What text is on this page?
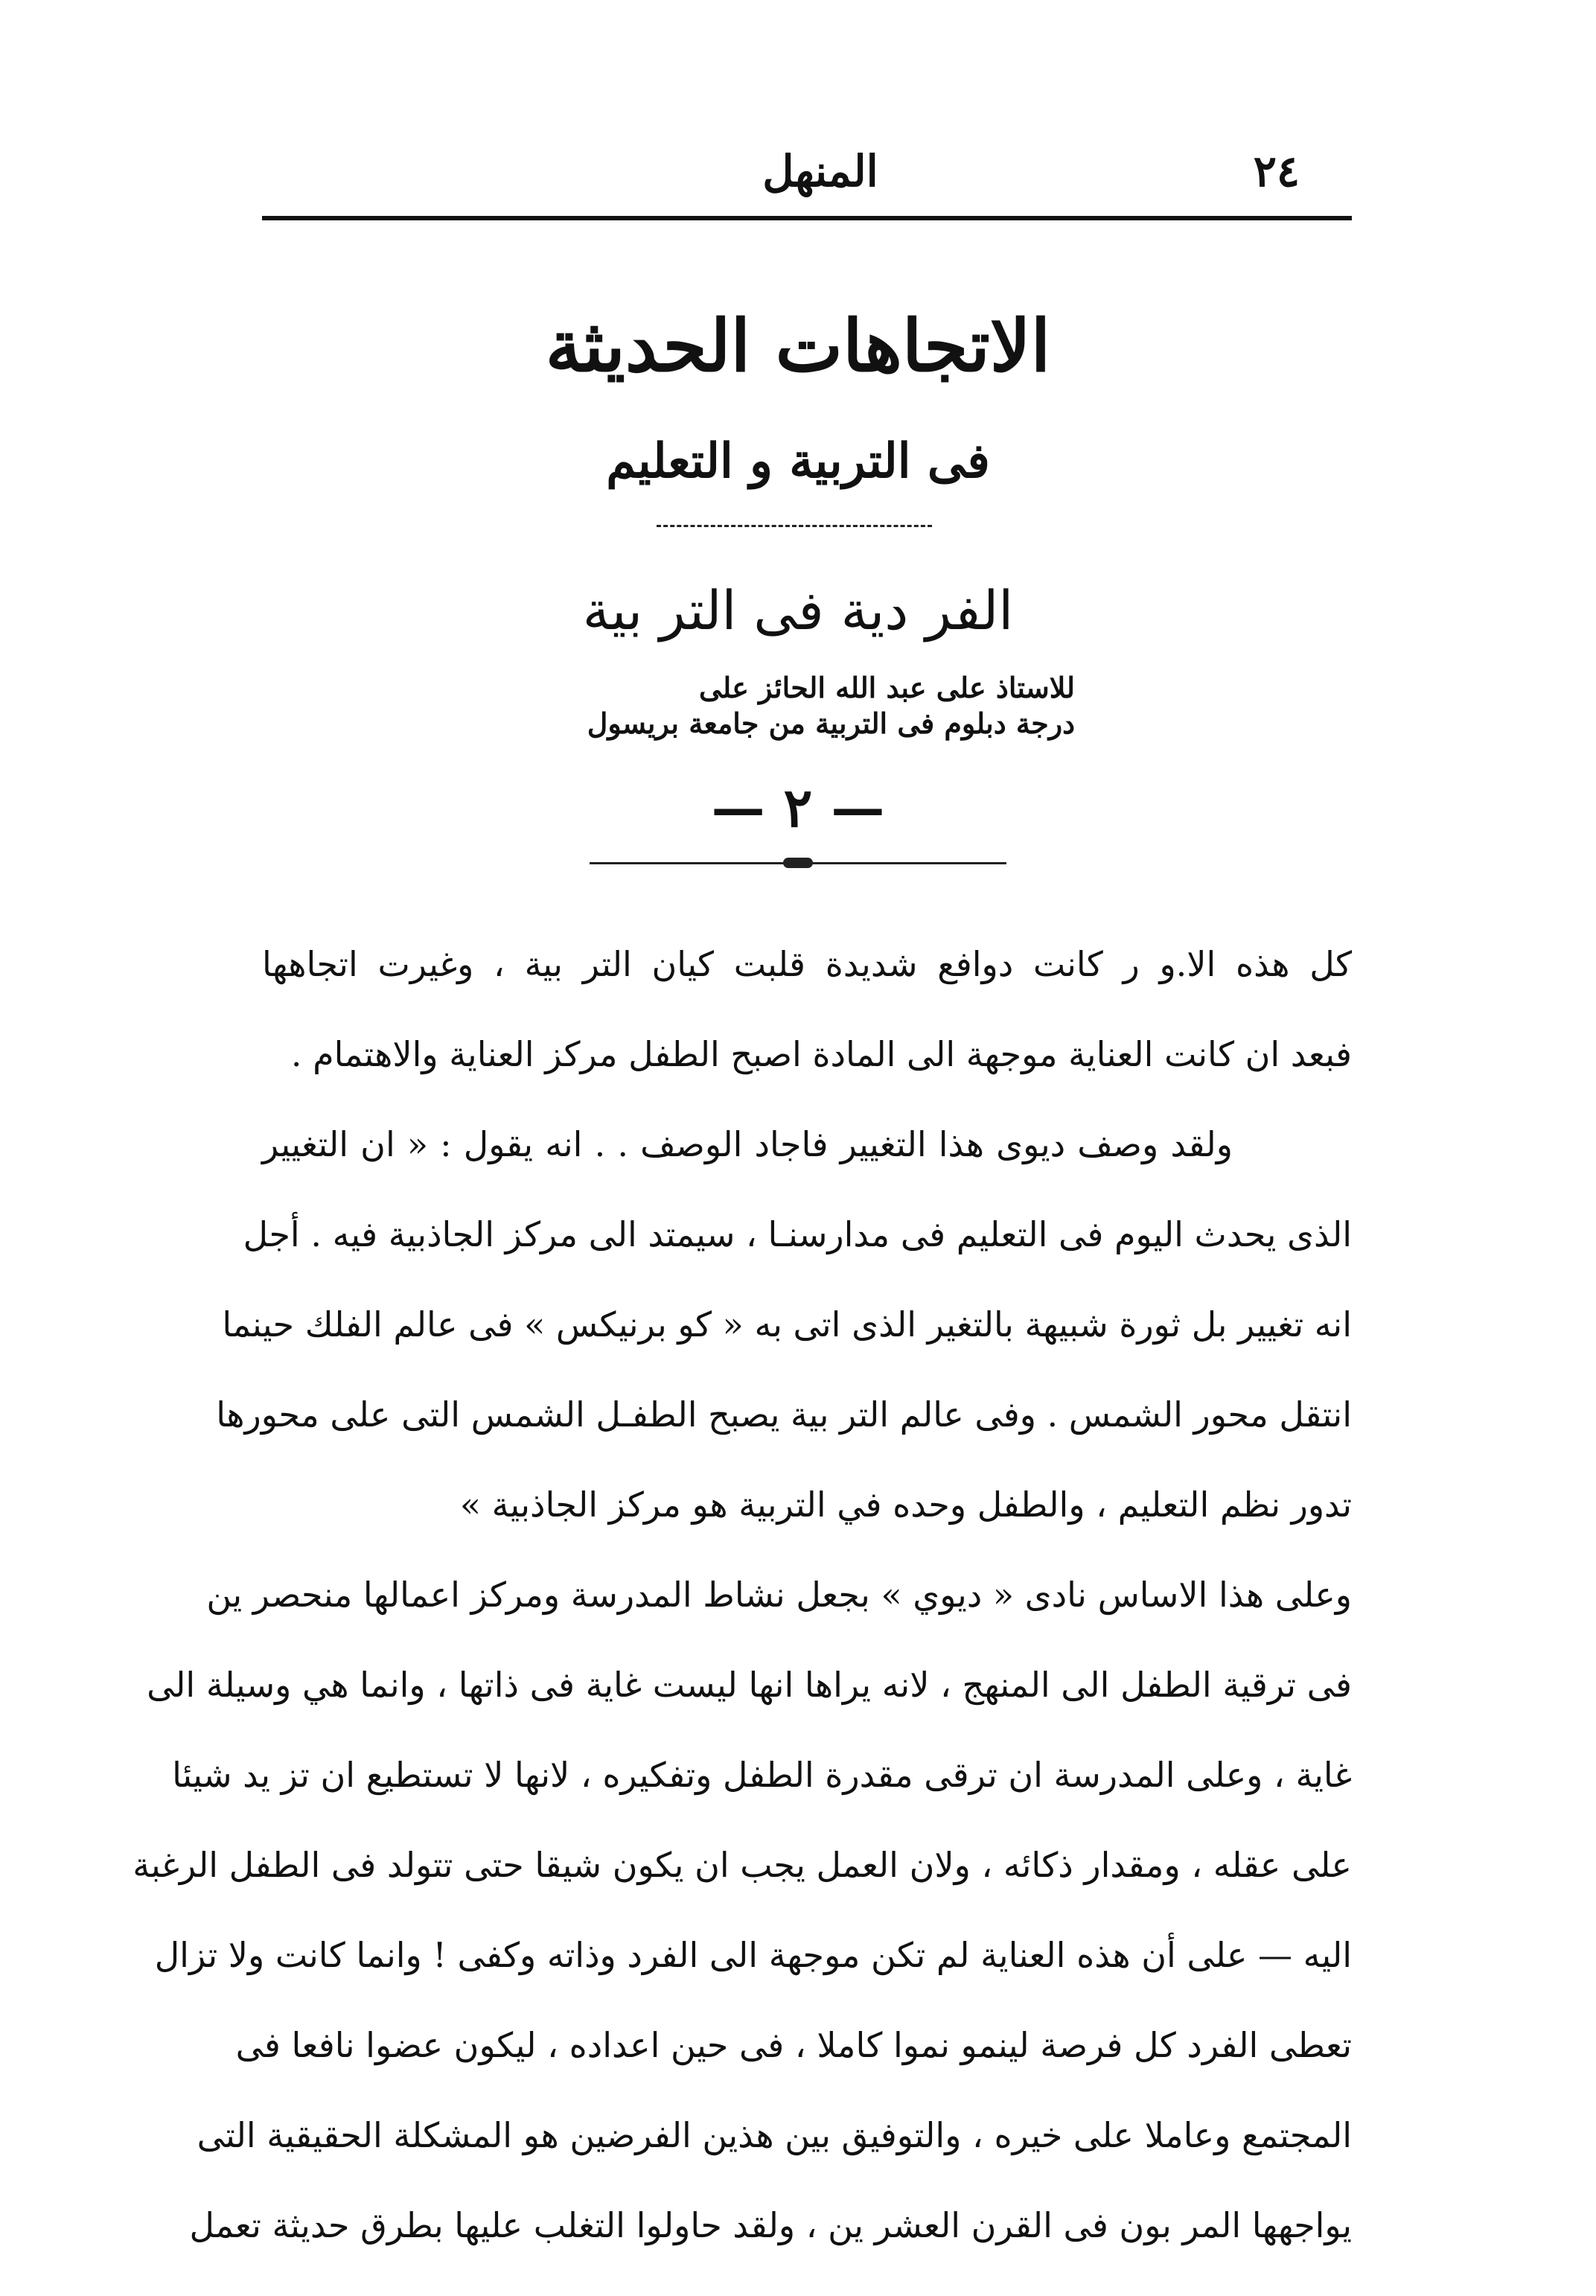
المنهل	٢٤
الاتجاهات الحديثة
فى التربية و التعليم
الفر دية فى التر بية
للاستاذ على عبد الله الحائز على
درجة دبلوم فى التربية من جامعة بريسول
— ٢ —
كل هذه الا.و ر كانت دوافع شديدة قلبت كيان التر بية ، وغيرت اتجاهها
فبعد ان كانت العناية موجهة الى المادة اصبح الطفل مركز العناية والاهتمام .
ولقد وصف ديوى هذا التغيير فاجاد الوصف . . انه يقول : « ان التغيير
الذى يحدث اليوم فى التعليم فى مدارسنـا ، سيمتد الى مركز الجاذبية فيه . أجل
انه تغيير بل ثورة شبيهة بالتغير الذى اتى به « كو برنيكس » فى عالم الفلك حينما
انتقل محور الشمس . وفى عالم التر بية يصبح الطفـل الشمس التى على محورها
تدور نظم التعليم ، والطفل وحده في التربية هو مركز الجاذبية »
وعلى هذا الاساس نادى « ديوي » بجعل نشاط المدرسة ومركز اعمالها منحصر ين
فى ترقية الطفل الى المنهج ، لانه يراها انها ليست غاية فى ذاتها ، وانما هي وسيلة الى
غاية ، وعلى المدرسة ان ترقى مقدرة الطفل وتفكيره ، لانها لا تستطيع ان تز يد شيئا
على عقله ، ومقدار ذكائه ، ولان العمل يجب ان يكون شيقا حتى تتولد فى الطفل الرغبة
اليه — على أن هذه العناية لم تكن موجهة الى الفرد وذاته وكفى ! وانما كانت ولا تزال
تعطى الفرد كل فرصة لينمو نموا كاملا ، فى حين اعداده ، ليكون عضوا نافعا فى
المجتمع وعاملا على خيره ، والتوفيق بين هذين الفرضين هو المشكلة الحقيقية التى
يواجهها المر بون فى القرن العشر ين ، ولقد حاولوا التغلب عليها بطرق حديثة تعمل
